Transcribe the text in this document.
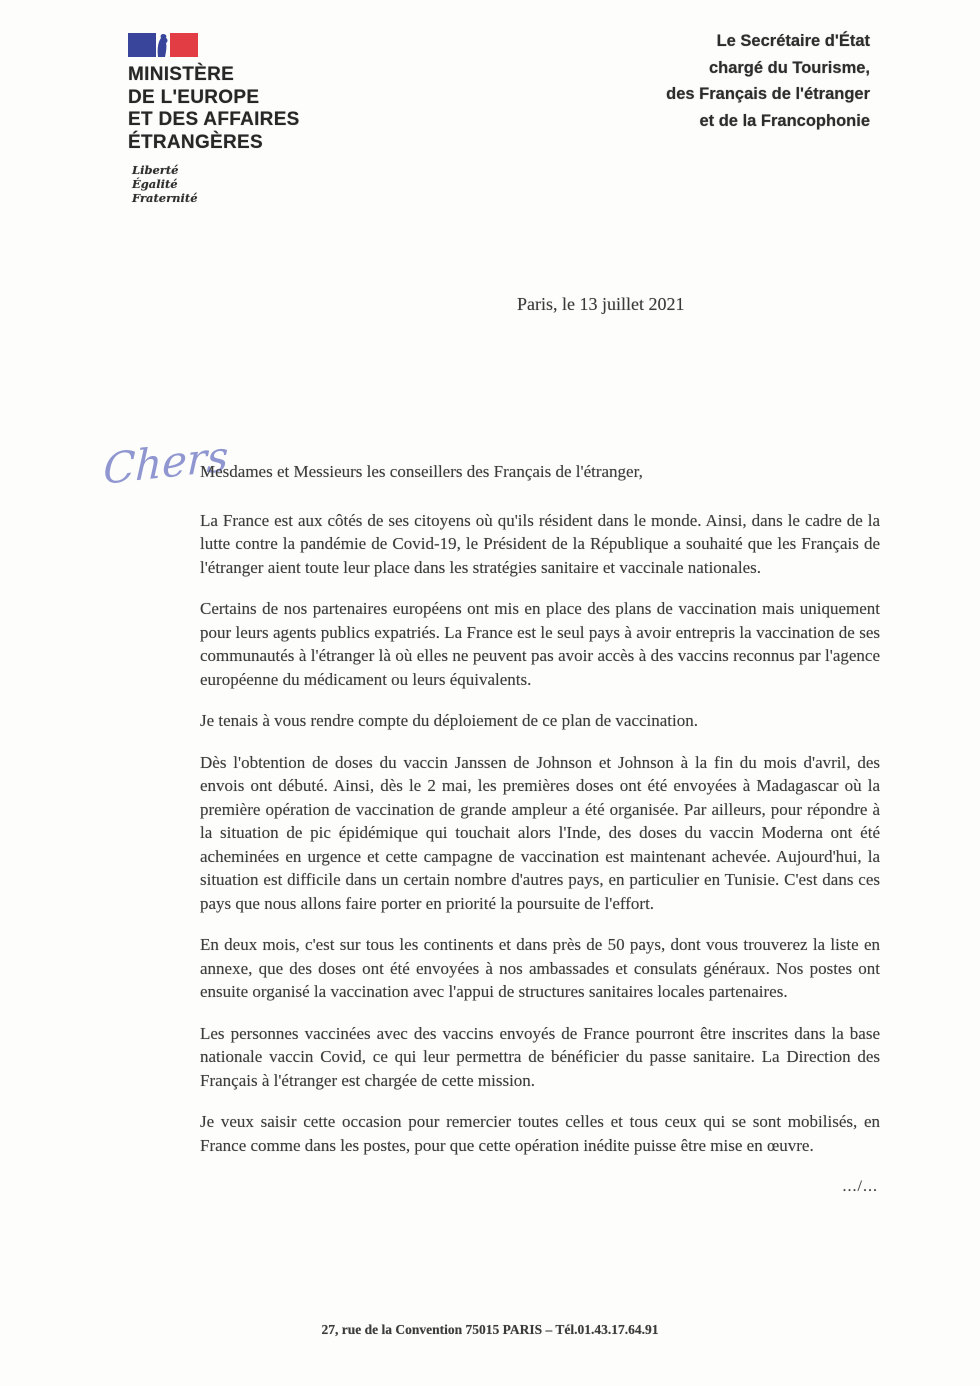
MINISTÈRE
DE L'EUROPE
ET DES AFFAIRES
ÉTRANGÈRES
Liberté
Égalité
Fraternité
Le Secrétaire d'État
chargé du Tourisme,
des Français de l'étranger
et de la Francophonie
Paris, le 13 juillet 2021
Chers
Mesdames et Messieurs les conseillers des Français de l'étranger,

La France est aux côtés de ses citoyens où qu'ils résident dans le monde. Ainsi, dans le cadre de la lutte contre la pandémie de Covid-19, le Président de la République a souhaité que les Français de l'étranger aient toute leur place dans les stratégies sanitaire et vaccinale nationales.

Certains de nos partenaires européens ont mis en place des plans de vaccination mais uniquement pour leurs agents publics expatriés. La France est le seul pays à avoir entrepris la vaccination de ses communautés à l'étranger là où elles ne peuvent pas avoir accès à des vaccins reconnus par l'agence européenne du médicament ou leurs équivalents.

Je tenais à vous rendre compte du déploiement de ce plan de vaccination.

Dès l'obtention de doses du vaccin Janssen de Johnson et Johnson à la fin du mois d'avril, des envois ont débuté. Ainsi, dès le 2 mai, les premières doses ont été envoyées à Madagascar où la première opération de vaccination de grande ampleur a été organisée. Par ailleurs, pour répondre à la situation de pic épidémique qui touchait alors l'Inde, des doses du vaccin Moderna ont été acheminées en urgence et cette campagne de vaccination est maintenant achevée. Aujourd'hui, la situation est difficile dans un certain nombre d'autres pays, en particulier en Tunisie. C'est dans ces pays que nous allons faire porter en priorité la poursuite de l'effort.

En deux mois, c'est sur tous les continents et dans près de 50 pays, dont vous trouverez la liste en annexe, que des doses ont été envoyées à nos ambassades et consulats généraux. Nos postes ont ensuite organisé la vaccination avec l'appui de structures sanitaires locales partenaires.

Les personnes vaccinées avec des vaccins envoyés de France pourront être inscrites dans la base nationale vaccin Covid, ce qui leur permettra de bénéficier du passe sanitaire. La Direction des Français à l'étranger est chargée de cette mission.

Je veux saisir cette occasion pour remercier toutes celles et tous ceux qui se sont mobilisés, en France comme dans les postes, pour que cette opération inédite puisse être mise en œuvre.

.../...
27, rue de la Convention 75015 PARIS – Tél.01.43.17.64.91
